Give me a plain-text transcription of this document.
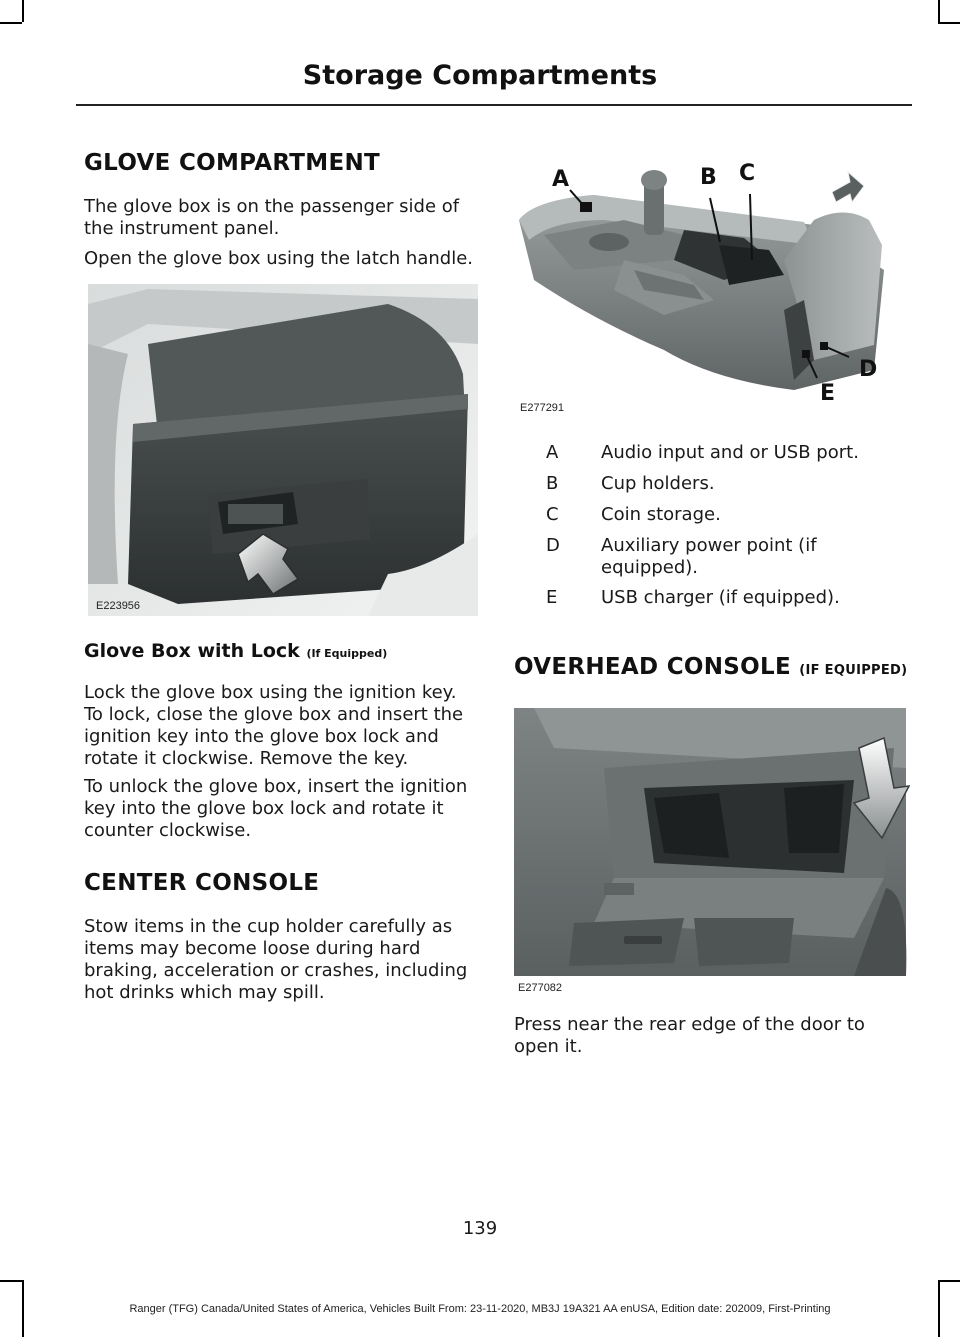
Storage Compartments
GLOVE COMPARTMENT
The glove box is on the passenger side of the instrument panel.
Open the glove box using the latch handle.
E223956
Glove Box with Lock (If Equipped)
Lock the glove box using the ignition key. To lock, close the glove box and insert the ignition key into the glove box lock and rotate it clockwise. Remove the key.
To unlock the glove box, insert the ignition key into the glove box lock and rotate it counter clockwise.
CENTER CONSOLE
Stow items in the cup holder carefully as items may become loose during hard braking, acceleration or crashes, including hot drinks which may spill.
A	B C
D
E
E277291
A Audio input and or USB port.
B Cup holders.
C Coin storage.
D Auxiliary power point (if equipped).
E USB charger (if equipped).
OVERHEAD CONSOLE (IF EQUIPPED)
E277082
Press near the rear edge of the door to open it.
139
Ranger (TFG) Canada/United States of America, Vehicles Built From: 23-11-2020, MB3J 19A321 AA enUSA, Edition date: 202009, First-Printing
